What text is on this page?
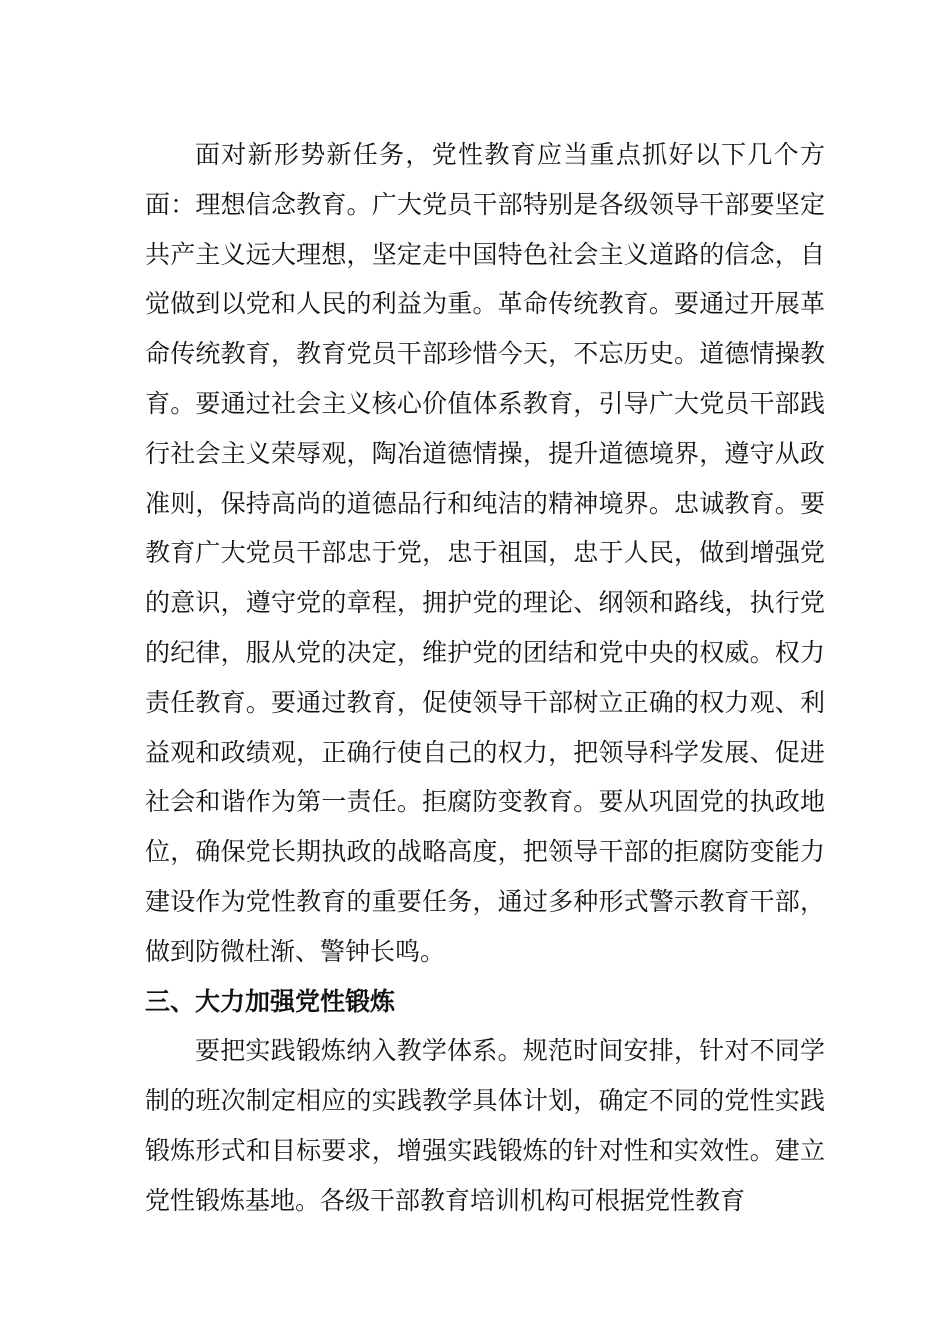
面对新形势新任务，党性教育应当重点抓好以下几个方面：理想信念教育。广大党员干部特别是各级领导干部要坚定共产主义远大理想，坚定走中国特色社会主义道路的信念，自觉做到以党和人民的利益为重。革命传统教育。要通过开展革命传统教育，教育党员干部珍惜今天，不忘历史。道德情操教育。要通过社会主义核心价值体系教育，引导广大党员干部践行社会主义荣辱观，陶冶道德情操，提升道德境界，遵守从政准则，保持高尚的道德品行和纯洁的精神境界。忠诚教育。要教育广大党员干部忠于党，忠于祖国，忠于人民，做到增强党的意识，遵守党的章程，拥护党的理论、纲领和路线，执行党的纪律，服从党的决定，维护党的团结和党中央的权威。权力责任教育。要通过教育，促使领导干部树立正确的权力观、利益观和政绩观，正确行使自己的权力，把领导科学发展、促进社会和谐作为第一责任。拒腐防变教育。要从巩固党的执政地位，确保党长期执政的战略高度，把领导干部的拒腐防变能力建设作为党性教育的重要任务，通过多种形式警示教育干部，做到防微杜渐、警钟长鸣。

三、大力加强党性锻炼

要把实践锻炼纳入教学体系。规范时间安排，针对不同学制的班次制定相应的实践教学具体计划，确定不同的党性实践锻炼形式和目标要求，增强实践锻炼的针对性和实效性。建立党性锻炼基地。各级干部教育培训机构可根据党性教育
